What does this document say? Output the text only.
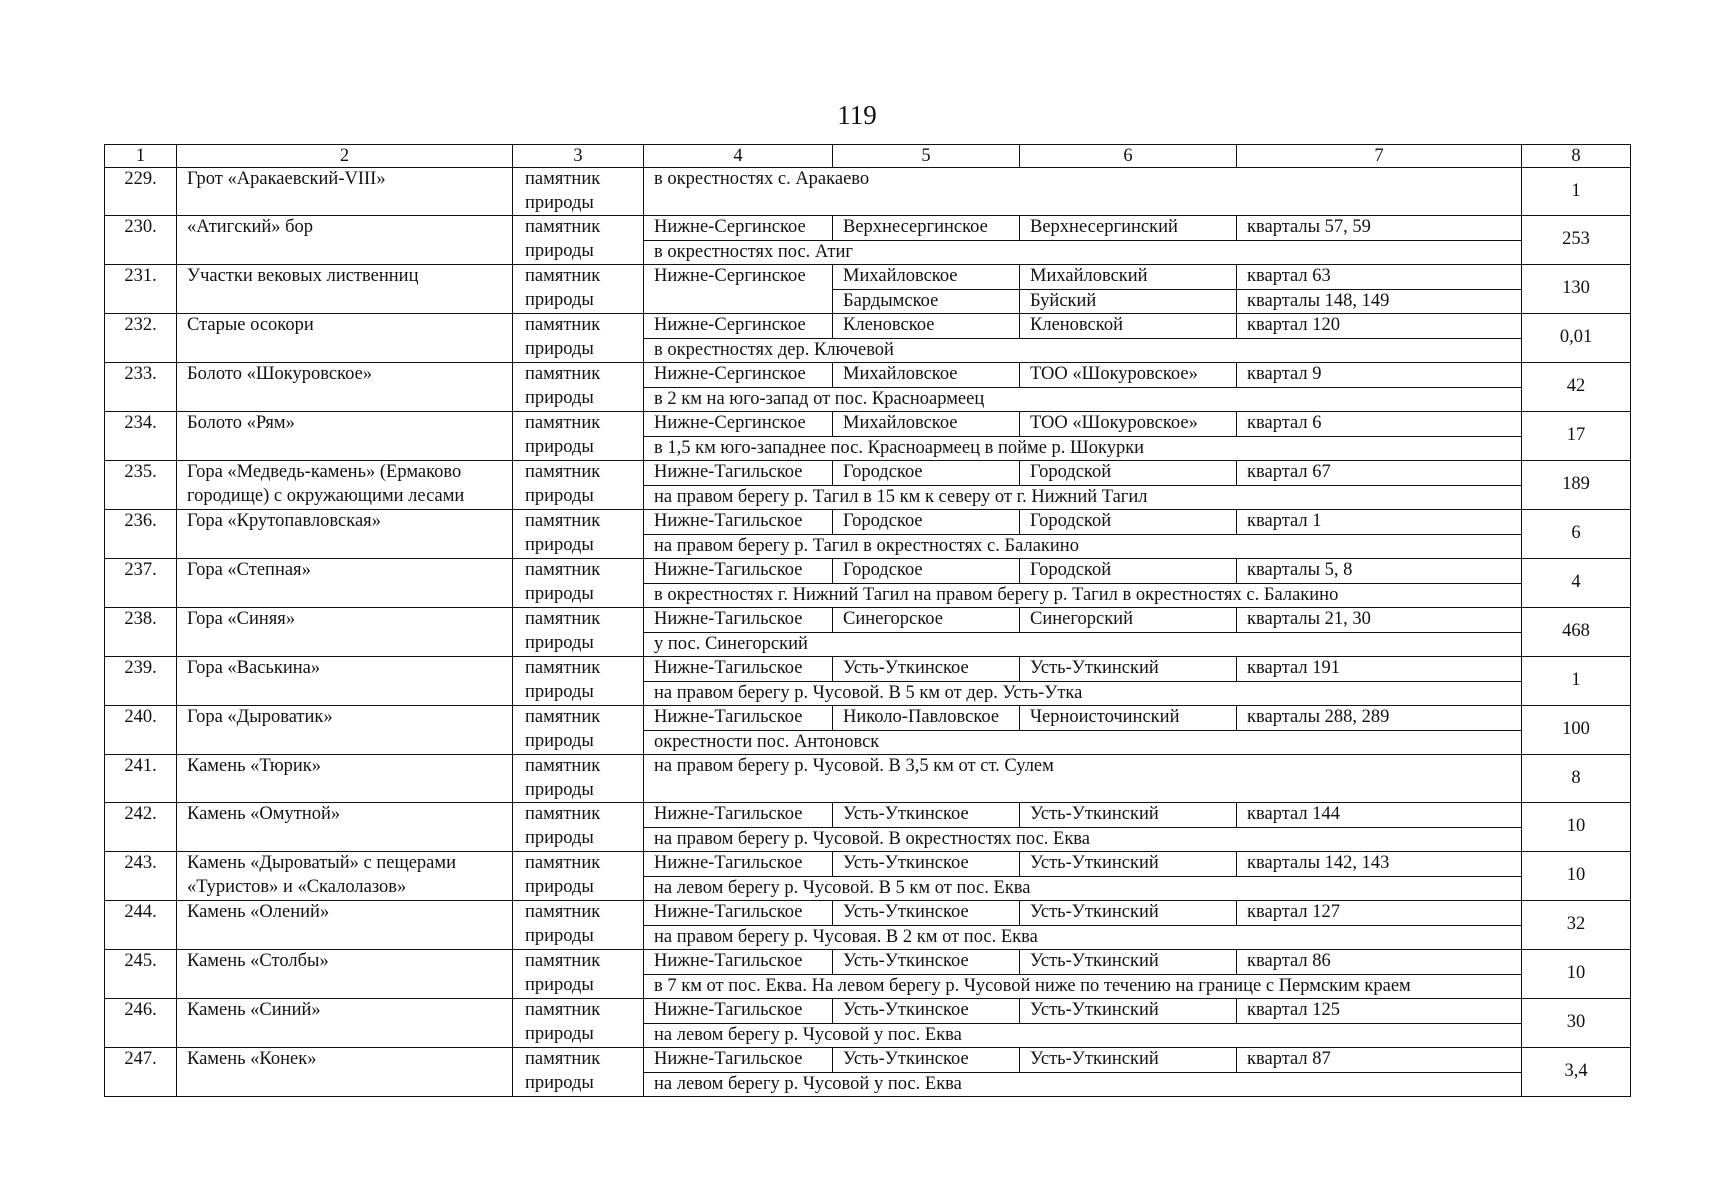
119
1	2	3	4	5	6	7	8
229.	Грот «Аракаевский-VIII»	памятник	в окрестностях с. Аракаево				1
		природы					
230.	«Атигский» бор	памятник	Нижне-Сергинское	Верхнесергинское	Верхнесергинский	кварталы 57, 59	253
		природы	в окрестностях пос. Атиг				
231.	Участки вековых лиственниц	памятник	Нижне-Сергинское	Михайловское	Михайловский	квартал 63	130
		природы		Бардымское	Буйский	кварталы 148, 149	
232.	Старые осокори	памятник	Нижне-Сергинское	Кленовское	Кленовской	квартал 120	0,01
		природы	в окрестностях дер. Ключевой				
233.	Болото «Шокуровское»	памятник	Нижне-Сергинское	Михайловское	ТОО «Шокуровское»	квартал 9	42
		природы	в 2 км на юго-запад от пос. Красноармеец				
234.	Болото «Рям»	памятник	Нижне-Сергинское	Михайловское	ТОО «Шокуровское»	квартал 6	17
		природы	в 1,5 км юго-западнее пос. Красноармеец в пойме р. Шокурки				
235.	Гора «Медведь-камень» (Ермаково городище) с окружающими лесами	памятник	Нижне-Тагильское	Городское	Городской	квартал 67	189
		природы	на правом берегу р. Тагил в 15 км к северу от г. Нижний Тагил				
236.	Гора «Крутопавловская»	памятник	Нижне-Тагильское	Городское	Городской	квартал 1	6
		природы	на правом берегу р. Тагил в окрестностях с. Балакино				
237.	Гора «Степная»	памятник	Нижне-Тагильское	Городское	Городской	кварталы 5, 8	4
		природы	в окрестностях г. Нижний Тагил на правом берегу р. Тагил в окрестностях с. Балакино				
238.	Гора «Синяя»	памятник	Нижне-Тагильское	Синегорское	Синегорский	кварталы 21, 30	468
		природы	у пос. Синегорский				
239.	Гора «Васькина»	памятник	Нижне-Тагильское	Усть-Уткинское	Усть-Уткинский	квартал 191	1
		природы	на правом берегу р. Чусовой. В 5 км от дер. Усть-Утка				
240.	Гора «Дыроватик»	памятник	Нижне-Тагильское	Николо-Павловское	Черноисточинский	кварталы 288, 289	100
		природы	окрестности пос. Антоновск				
241.	Камень «Тюрик»	памятник	на правом берегу р. Чусовой. В 3,5 км от ст. Сулем				8
		природы					
242.	Камень «Омутной»	памятник	Нижне-Тагильское	Усть-Уткинское	Усть-Уткинский	квартал 144	10
		природы	на правом берегу р. Чусовой. В окрестностях пос. Еква				
243.	Камень «Дыроватый» с пещерами «Туристов» и «Скалолазов»	памятник	Нижне-Тагильское	Усть-Уткинское	Усть-Уткинский	кварталы 142, 143	10
		природы	на левом берегу р. Чусовой. В 5 км от пос. Еква				
244.	Камень «Олений»	памятник	Нижне-Тагильское	Усть-Уткинское	Усть-Уткинский	квартал 127	32
		природы	на правом берегу р. Чусовая. В 2 км от пос. Еква				
245.	Камень «Столбы»	памятник	Нижне-Тагильское	Усть-Уткинское	Усть-Уткинский	квартал 86	10
		природы	в 7 км от пос. Еква. На левом берегу р. Чусовой ниже по течению на границе с Пермским краем				
246.	Камень «Синий»	памятник	Нижне-Тагильское	Усть-Уткинское	Усть-Уткинский	квартал 125	30
		природы	на левом берегу р. Чусовой у пос. Еква				
247.	Камень «Конек»	памятник	Нижне-Тагильское	Усть-Уткинское	Усть-Уткинский	квартал 87	3,4
		природы	на левом берегу р. Чусовой у пос. Еква				
